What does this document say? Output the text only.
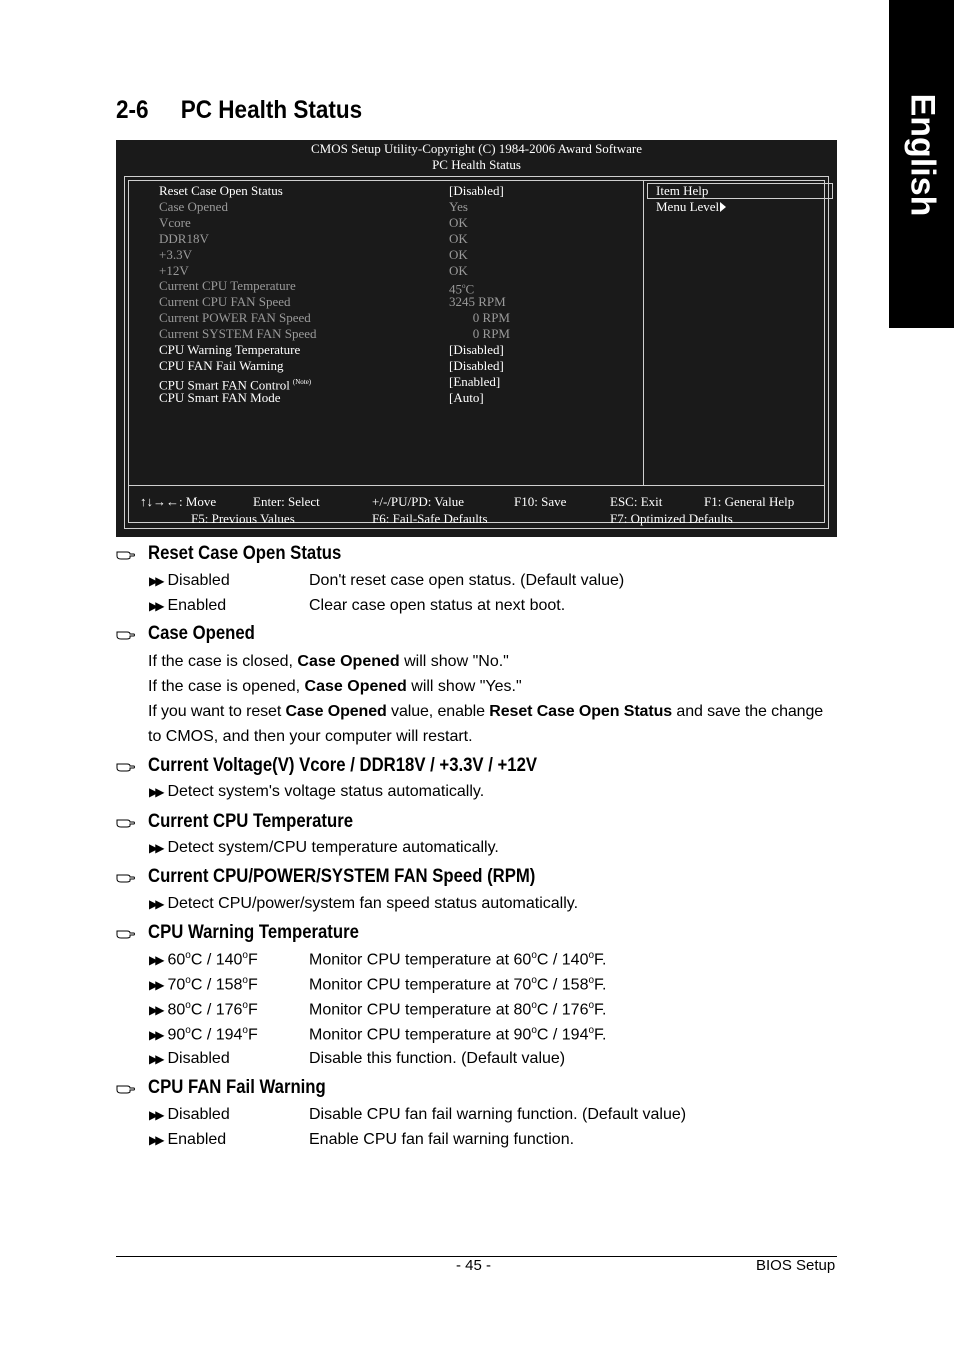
English
2-6 PC Health Status
CMOS Setup Utility-Copyright (C) 1984-2006 Award Software
PC Health Status
Reset Case Open Status	[Disabled]
Case Opened	Yes
Vcore	OK
DDR18V	OK
+3.3V	OK
+12V	OK
Current CPU Temperature	45$^o$C
Current CPU FAN Speed	3245 RPM
Current POWER FAN Speed	0 RPM
Current SYSTEM FAN Speed	0 RPM
CPU Warning Temperature	[Disabled]
CPU FAN Fail Warning	[Disabled]
CPU Smart FAN Control $^{(Note)}$	[Enabled]
CPU Smart FAN Mode	[Auto]
Item Help
Menu Level
↑↓→←: Move	Enter: Select	+/-/PU/PD: Value	F10: Save	ESC: Exit	F1: General Help
F5: Previous Values	F6: Fail-Safe Defaults	F7: Optimized Defaults
Reset Case Open Status
▶▶ Disabled	Don't reset case open status. (Default value)
▶▶ Enabled	Clear case open status at next boot.
Case Opened
If the case is closed, Case Opened will show "No."
If the case is opened, Case Opened will show "Yes."
If you want to reset Case Opened value, enable Reset Case Open Status and save the change
to CMOS, and then your computer will restart.
Current Voltage(V) Vcore / DDR18V / +3.3V / +12V
▶▶ Detect system's voltage status automatically.
Current CPU Temperature
▶▶ Detect system/CPU temperature automatically.
Current CPU/POWER/SYSTEM FAN Speed (RPM)
▶▶ Detect CPU/power/system fan speed status automatically.
CPU Warning Temperature
▶▶ 60$^o$C / 140$^o$F	Monitor CPU temperature at 60$^o$C / 140$^o$F.
▶▶ 70$^o$C / 158$^o$F	Monitor CPU temperature at 70$^o$C / 158$^o$F.
▶▶ 80$^o$C / 176$^o$F	Monitor CPU temperature at 80$^o$C / 176$^o$F.
▶▶ 90$^o$C / 194$^o$F	Monitor CPU temperature at 90$^o$C / 194$^o$F.
▶▶ Disabled	Disable this function. (Default value)
CPU FAN Fail Warning
▶▶ Disabled	Disable CPU fan fail warning function. (Default value)
▶▶ Enabled	Enable CPU fan fail warning function.
- 45 -	BIOS Setup
